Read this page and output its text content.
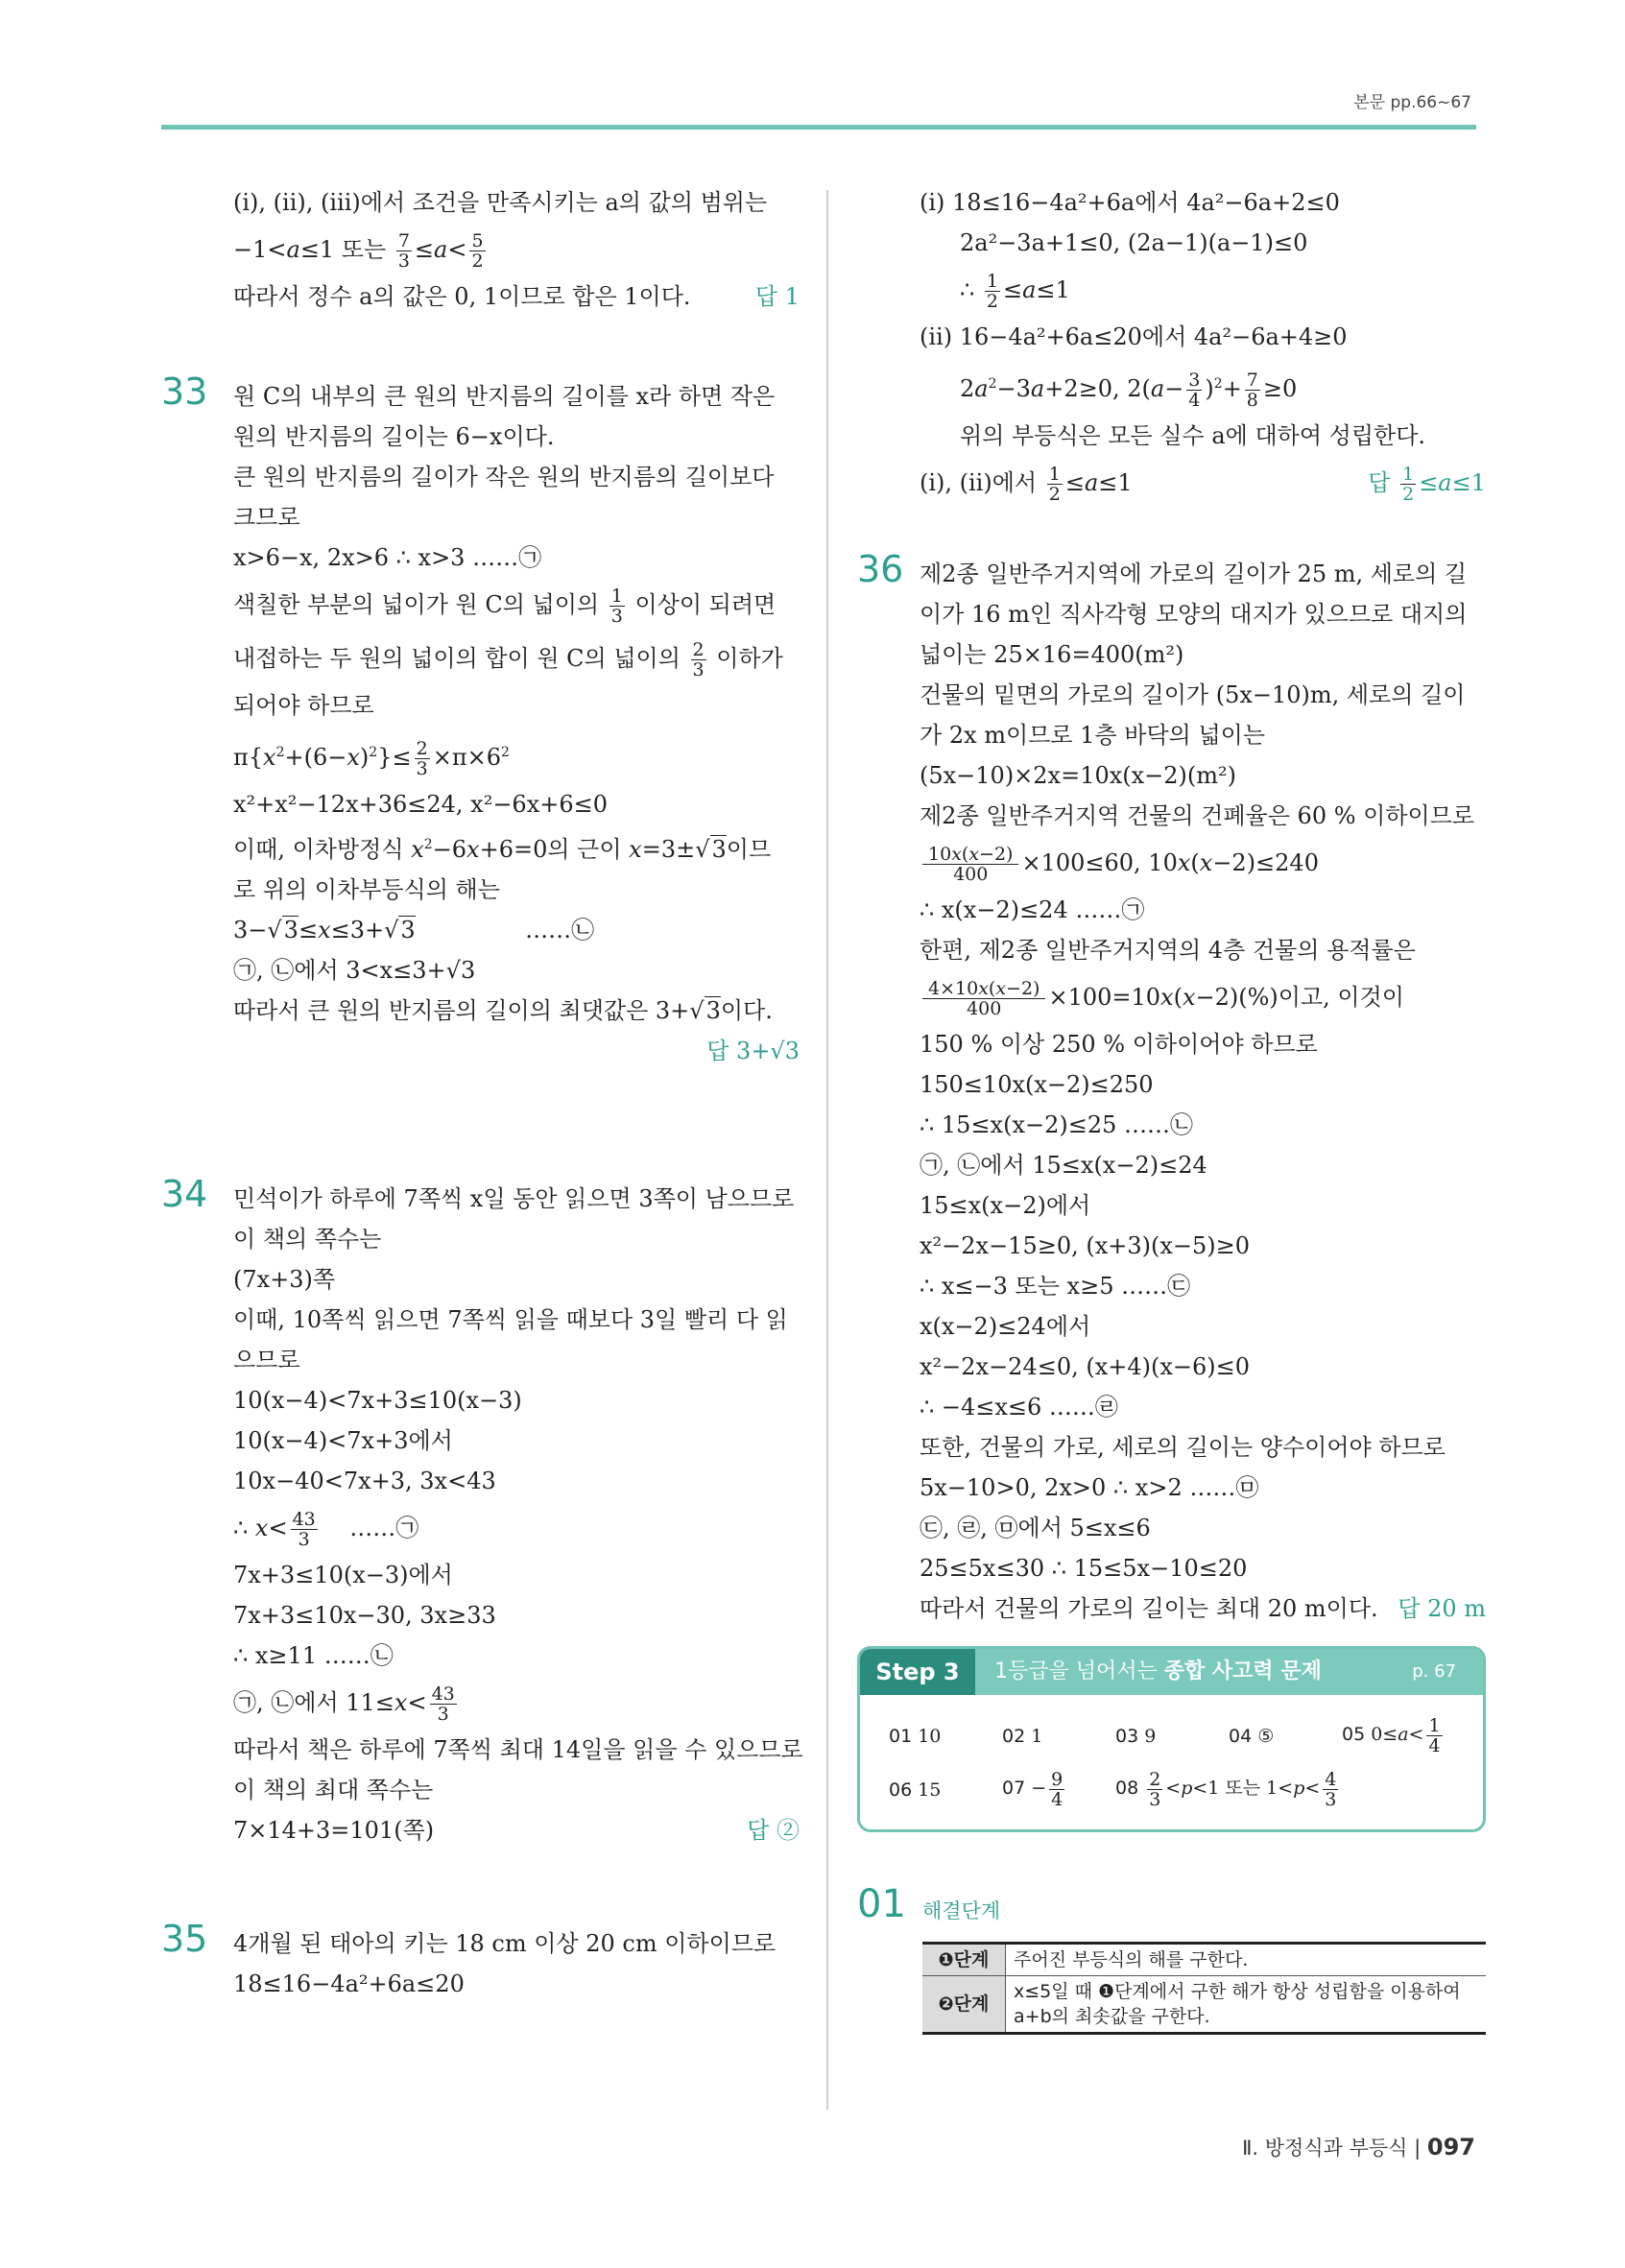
본문 pp.66~67
(ⅰ), (ⅱ), (ⅲ)에서 조건을 만족시키는 a의 값의 범위는
−1<a≤1 또는 $\frac{7}{3} \le a< \frac{5}{2}$
따라서 정수 a의 값은 0, 1이므로 합은 1이다.	답 1
33 원 C의 내부의 큰 원의 반지름의 길이를 x라 하면 작은
원의 반지름의 길이는 6−x이다.
큰 원의 반지름의 길이가 작은 원의 반지름의 길이보다
크므로
x>6−x, 2x>6 ∴ x>3 ……㉠
색칠한 부분의 넓이가 원 C의 넓이의 $\frac{1}{3}$ 이상이 되려면
내접하는 두 원의 넓이의 합이 원 C의 넓이의 $\frac{2}{3}$ 이하가
되어야 하므로
$\pi\{x^2+(6-x)^2\}\le \frac{2}{3} \times\pi\times 6^2$
x²+x²−12x+36≤24, x²−6x+6≤0
이때, 이차방정식 $x^2-6x+6=0$의 근이 x=3±√3이므
로 위의 이차부등식의 해는
3−√3≤x≤3+√3               ……㉡
㉠, ㉡에서 3<x≤3+√3
따라서 큰 원의 반지름의 길이의 최댓값은 3+√3이다.
답 3+√3
34 민석이가 하루에 7쪽씩 x일 동안 읽으면 3쪽이 남으므로
이 책의 쪽수는
(7x+3)쪽
이때, 10쪽씩 읽으면 7쪽씩 읽을 때보다 3일 빨리 다 읽
으므로
10(x−4)<7x+3≤10(x−3)
10(x−4)<7x+3에서
10x−40<7x+3, 3x<43
∴ $x< \frac{43}{3}$ ……㉠
7x+3≤10(x−3)에서
7x+3≤10x−30, 3x≥33
∴ x≥11 ……㉡
㉠, ㉡에서 $11\le x< \frac{43}{3}$
따라서 책은 하루에 7쪽씩 최대 14일을 읽을 수 있으므로
이 책의 최대 쪽수는
7×14+3=101(쪽)	답 ②
35 4개월 된 태아의 키는 18 cm 이상 20 cm 이하이므로
18≤16−4a²+6a≤20
(ⅰ) 18≤16−4a²+6a에서 4a²−6a+2≤0
2a²−3a+1≤0, (2a−1)(a−1)≤0
∴ $\frac{1}{2} \le a\le 1$
(ⅱ) 16−4a²+6a≤20에서 4a²−6a+4≥0
$2a^2-3a+2\ge 0$, $2(a- \frac{3}{4} )^2+ \frac{7}{8} \ge 0$
위의 부등식은 모든 실수 a에 대하여 성립한다.
(ⅰ), (ⅱ)에서 $\frac{1}{2} \le a\le 1$	답 $\frac{1}{2} \le a\le 1$
36 제2종 일반주거지역에 가로의 길이가 25 m, 세로의 길
이가 16 m인 직사각형 모양의 대지가 있으므로 대지의
넓이는 25×16=400(m²)
건물의 밑면의 가로의 길이가 (5x−10)m, 세로의 길이
가 2x m이므로 1층 바닥의 넓이는
(5x−10)×2x=10x(x−2)(m²)
제2종 일반주거지역 건물의 건폐율은 60 % 이하이므로
$\frac{10x(x-2)}{400} \times 100\le 60$, 10x(x−2)≤240
∴ x(x−2)≤24 ……㉠
한편, 제2종 일반주거지역의 4층 건물의 용적률은
$\frac{4\times 10x(x-2)}{400} \times 100=10x(x-2)(\%)$이고, 이것이
150 % 이상 250 % 이하이어야 하므로
150≤10x(x−2)≤250
∴ 15≤x(x−2)≤25 ……㉡
㉠, ㉡에서 15≤x(x−2)≤24
15≤x(x−2)에서
x²−2x−15≥0, (x+3)(x−5)≥0
∴ x≤−3 또는 x≥5 ……㉢
x(x−2)≤24에서
x²−2x−24≤0, (x+4)(x−6)≤0
∴ −4≤x≤6 ……㉣
또한, 건물의 가로, 세로의 길이는 양수이어야 하므로
5x−10>0, 2x>0 ∴ x>2 ……㉤
㉢, ㉣, ㉤에서 5≤x≤6
25≤5x≤30 ∴ 15≤5x−10≤20
따라서 건물의 가로의 길이는 최대 20 m이다. 답 20 m
Step 3	1등급을 넘어서는 종합 사고력 문제	p. 67
01 10	02 1	03 9	04 ⑤	05 $0\le a< \frac{1}{4}$
06 15	$07 - \frac{9}{4}$	$08 \frac{2}{3} <p<1$ 또는 $1<p< \frac{4}{3}$
01 해결단계
❶단계	주어진 부등식의 해를 구한다.
❷단계	x≤5일 때 ❶단계에서 구한 해가 항상 성립함을 이용하여
a+b의 최솟값을 구한다.
Ⅱ. 방정식과 부등식 | 097
